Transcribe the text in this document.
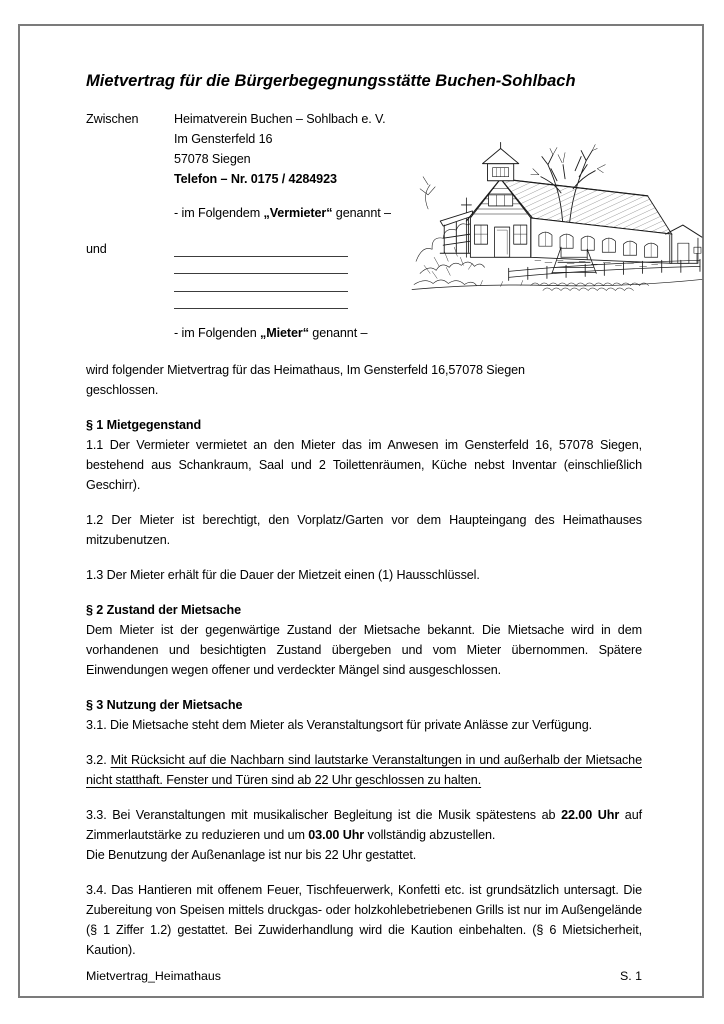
Mietvertrag für die Bürgerbegegnungsstätte Buchen-Sohlbach
Zwischen	Heimatverein Buchen – Sohlbach e. V.
Im Gensterfeld 16
57078 Siegen
Telefon – Nr. 0175 / 4284923
- im Folgendem „Vermieter“ genannt –
und
- im Folgenden „Mieter“ genannt –

wird folgender Mietvertrag für das Heimathaus, Im Gensterfeld 16,57078 Siegen geschlossen.

§ 1 Mietgegenstand

1.1 Der Vermieter vermietet an den Mieter das im Anwesen im Gensterfeld 16, 57078 Siegen, bestehend aus Schankraum, Saal und 2 Toilettenräumen, Küche nebst Inventar (einschließlich Geschirr).

1.2 Der Mieter ist berechtigt, den Vorplatz/Garten vor dem Haupteingang des Heimathauses mitzubenutzen.

1.3 Der Mieter erhält für die Dauer der Mietzeit einen (1) Hausschlüssel.

§ 2 Zustand der Mietsache

Dem Mieter ist der gegenwärtige Zustand der Mietsache bekannt. Die Mietsache wird in dem vorhandenen und besichtigten Zustand übergeben und vom Mieter übernommen. Spätere Einwendungen wegen offener und verdeckter Mängel sind ausgeschlossen.

§ 3 Nutzung der Mietsache

3.1. Die Mietsache steht dem Mieter als Veranstaltungsort für private Anlässe zur Verfügung.

3.2. Mit Rücksicht auf die Nachbarn sind lautstarke Veranstaltungen in und außerhalb der Mietsache nicht statthaft. Fenster und Türen sind ab 22 Uhr geschlossen zu halten.

3.3. Bei Veranstaltungen mit musikalischer Begleitung ist die Musik spätestens ab 22.00 Uhr auf Zimmerlautstärke zu reduzieren und um 03.00 Uhr vollständig abzustellen.
Die Benutzung der Außenanlage ist nur bis 22 Uhr gestattet.

3.4. Das Hantieren mit offenem Feuer, Tischfeuerwerk, Konfetti etc. ist grundsätzlich untersagt. Die Zubereitung von Speisen mittels druckgas- oder holzkohlebetriebenen Grills ist nur im Außengelände (§ 1 Ziffer 1.2) gestattet. Bei Zuwiderhandlung wird die Kaution einbehalten. (§ 6 Mietsicherheit, Kaution).

Mietvertrag_Heimathaus	S. 1
